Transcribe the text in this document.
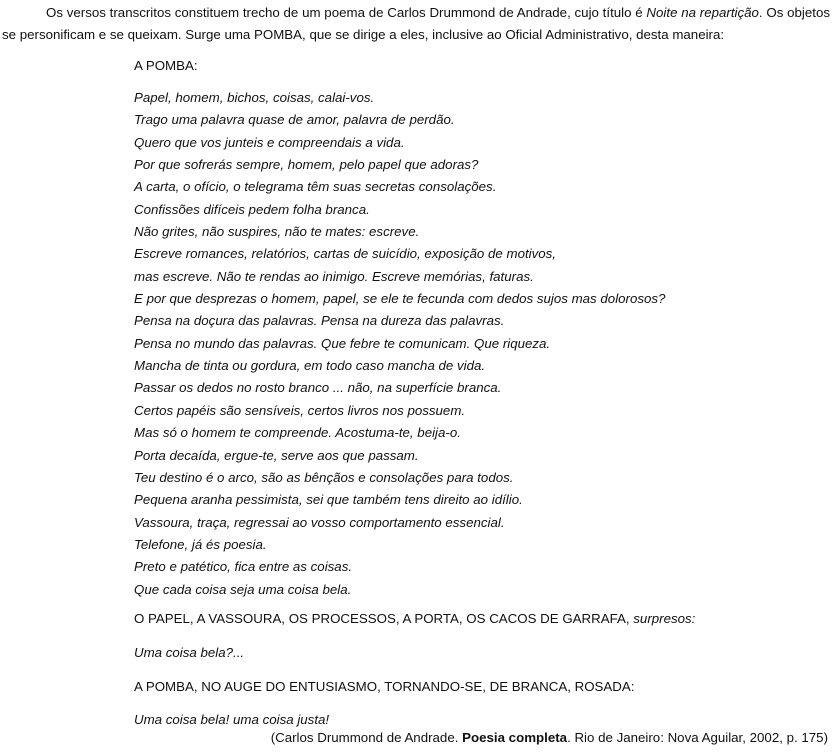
Os versos transcritos constituem trecho de um poema de Carlos Drummond de Andrade, cujo título é Noite na repartição. Os objetos se personificam e se queixam. Surge uma POMBA, que se dirige a eles, inclusive ao Oficial Administrativo, desta maneira:

A POMBA:
Papel, homem, bichos, coisas, calai-vos.
Trago uma palavra quase de amor, palavra de perdão.
Quero que vos junteis e compreendais a vida.
Por que sofrerás sempre, homem, pelo papel que adoras?
A carta, o ofício, o telegrama têm suas secretas consolações.
Confissões difíceis pedem folha branca.
Não grites, não suspires, não te mates: escreve.
Escreve romances, relatórios, cartas de suicídio, exposição de motivos,
mas escreve. Não te rendas ao inimigo. Escreve memórias, faturas.
E por que desprezas o homem, papel, se ele te fecunda com dedos sujos mas dolorosos?
Pensa na doçura das palavras. Pensa na dureza das palavras.
Pensa no mundo das palavras. Que febre te comunicam. Que riqueza.
Mancha de tinta ou gordura, em todo caso mancha de vida.
Passar os dedos no rosto branco ... não, na superfície branca.
Certos papéis são sensíveis, certos livros nos possuem.
Mas só o homem te compreende. Acostuma-te, beija-o.
Porta decaída, ergue-te, serve aos que passam.
Teu destino é o arco, são as bênçãos e consolações para todos.
Pequena aranha pessimista, sei que também tens direito ao idílio.
Vassoura, traça, regressai ao vosso comportamento essencial.
Telefone, já és poesia.
Preto e patético, fica entre as coisas.
Que cada coisa seja uma coisa bela.
O PAPEL, A VASSOURA, OS PROCESSOS, A PORTA, OS CACOS DE GARRAFA, surpresos:
Uma coisa bela?...
A POMBA, NO AUGE DO ENTUSIASMO, TORNANDO-SE, DE BRANCA, ROSADA:
Uma coisa bela! uma coisa justa!
(Carlos Drummond de Andrade. Poesia completa. Rio de Janeiro: Nova Aguilar, 2002, p. 175)
